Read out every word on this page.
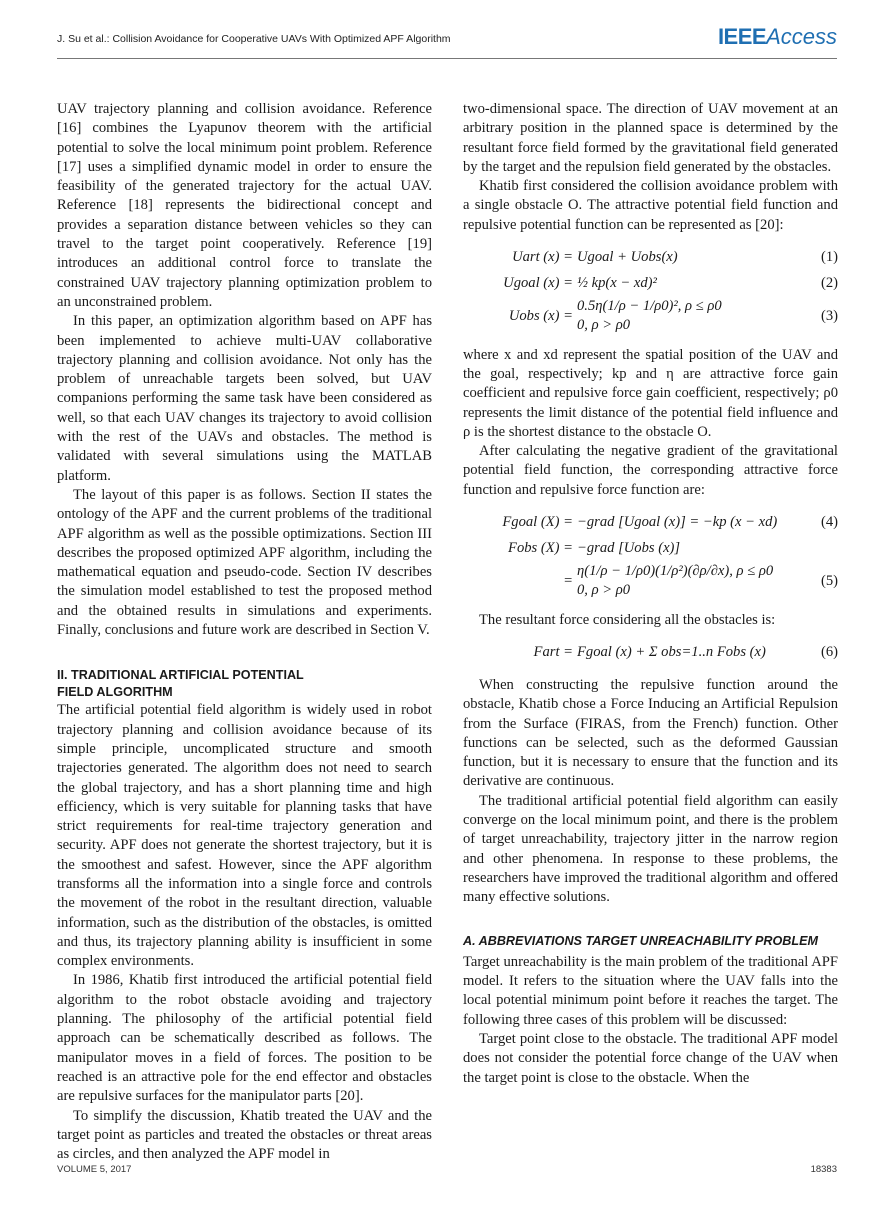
J. Su et al.: Collision Avoidance for Cooperative UAVs With Optimized APF Algorithm	IEEEAccess

UAV trajectory planning and collision avoidance. Reference [16] combines the Lyapunov theorem with the artificial potential to solve the local minimum point problem. Reference [17] uses a simplified dynamic model in order to ensure the feasibility of the generated trajectory for the actual UAV. Reference [18] represents the bidirectional concept and provides a separation distance between vehicles so they can travel to the target point cooperatively. Reference [19] introduces an additional control force to translate the constrained UAV trajectory planning optimization problem to an unconstrained problem.

In this paper, an optimization algorithm based on APF has been implemented to achieve multi-UAV collaborative trajectory planning and collision avoidance. Not only has the problem of unreachable targets been solved, but UAV companions performing the same task have been considered as well, so that each UAV changes its trajectory to avoid collision with the rest of the UAVs and obstacles. The method is validated with several simulations using the MATLAB platform.

The layout of this paper is as follows. Section II states the ontology of the APF and the current problems of the traditional APF algorithm as well as the possible optimizations. Section III describes the proposed optimized APF algorithm, including the mathematical equation and pseudo-code. Section IV describes the simulation model established to test the proposed method and the obtained results in simulations and experiments. Finally, conclusions and future work are described in Section V.

II. TRADITIONAL ARTIFICIAL POTENTIAL
FIELD ALGORITHM

The artificial potential field algorithm is widely used in robot trajectory planning and collision avoidance because of its simple principle, uncomplicated structure and smooth trajectories generated. The algorithm does not need to search the global trajectory, and has a short planning time and high efficiency, which is very suitable for planning tasks that have strict requirements for real-time trajectory generation and security. APF does not generate the shortest trajectory, but it is the smoothest and safest. However, since the APF algorithm transforms all the information into a single force and controls the movement of the robot in the resultant direction, valuable information, such as the distribution of the obstacles, is omitted and thus, its trajectory planning ability is insufficient in some complex environments.

In 1986, Khatib first introduced the artificial potential field algorithm to the robot obstacle avoiding and trajectory planning. The philosophy of the artificial potential field approach can be schematically described as follows. The manipulator moves in a field of forces. The position to be reached is an attractive pole for the end effector and obstacles are repulsive surfaces for the manipulator parts [20].

To simplify the discussion, Khatib treated the UAV and the target point as particles and treated the obstacles or threat areas as circles, and then analyzed the APF model in

two-dimensional space. The direction of UAV movement at an arbitrary position in the planned space is determined by the resultant force field formed by the gravitational field generated by the target and the repulsion field generated by the obstacles.

Khatib first considered the collision avoidance problem with a single obstacle O. The attractive potential field function and repulsive potential function can be represented as [20]:

Uart (x) = Ugoal + Uobs(x)	(1)
Ugoal (x) = ½ kp(x − xd)²	(2)
Uobs (x) =
0.5η(1/ρ − 1/ρ0)², ρ ≤ ρ0
0, ρ > ρ0
(3)

where x and xd represent the spatial position of the UAV and the goal, respectively; kp and η are attractive force gain coefficient and repulsive force gain coefficient, respectively; ρ0 represents the limit distance of the potential field influence and ρ is the shortest distance to the obstacle O.

After calculating the negative gradient of the gravitational potential field function, the corresponding attractive force function and repulsive force function are:

Fgoal (X) = −grad [Ugoal (x)] = −kp (x − xd)	(4)
Fobs (X) = −grad [Uobs (x)]
=
η(1/ρ − 1/ρ0)(1/ρ²)(∂ρ/∂x), ρ ≤ ρ0
0, ρ > ρ0
(5)

The resultant force considering all the obstacles is:

Fart = Fgoal (x) + Σ obs=1..n Fobs (x)	(6)

When constructing the repulsive function around the obstacle, Khatib chose a Force Inducing an Artificial Repulsion from the Surface (FIRAS, from the French) function. Other functions can be selected, such as the deformed Gaussian function, but it is necessary to ensure that the function and its derivative are continuous.

The traditional artificial potential field algorithm can easily converge on the local minimum point, and there is the problem of target unreachability, trajectory jitter in the narrow region and other phenomena. In response to these problems, the researchers have improved the traditional algorithm and offered many effective solutions.

A. ABBREVIATIONS TARGET UNREACHABILITY PROBLEM

Target unreachability is the main problem of the traditional APF model. It refers to the situation where the UAV falls into the local potential minimum point before it reaches the target. The following three cases of this problem will be discussed:

Target point close to the obstacle. The traditional APF model does not consider the potential force change of the UAV when the target point is close to the obstacle. When the

VOLUME 5, 2017	18383
